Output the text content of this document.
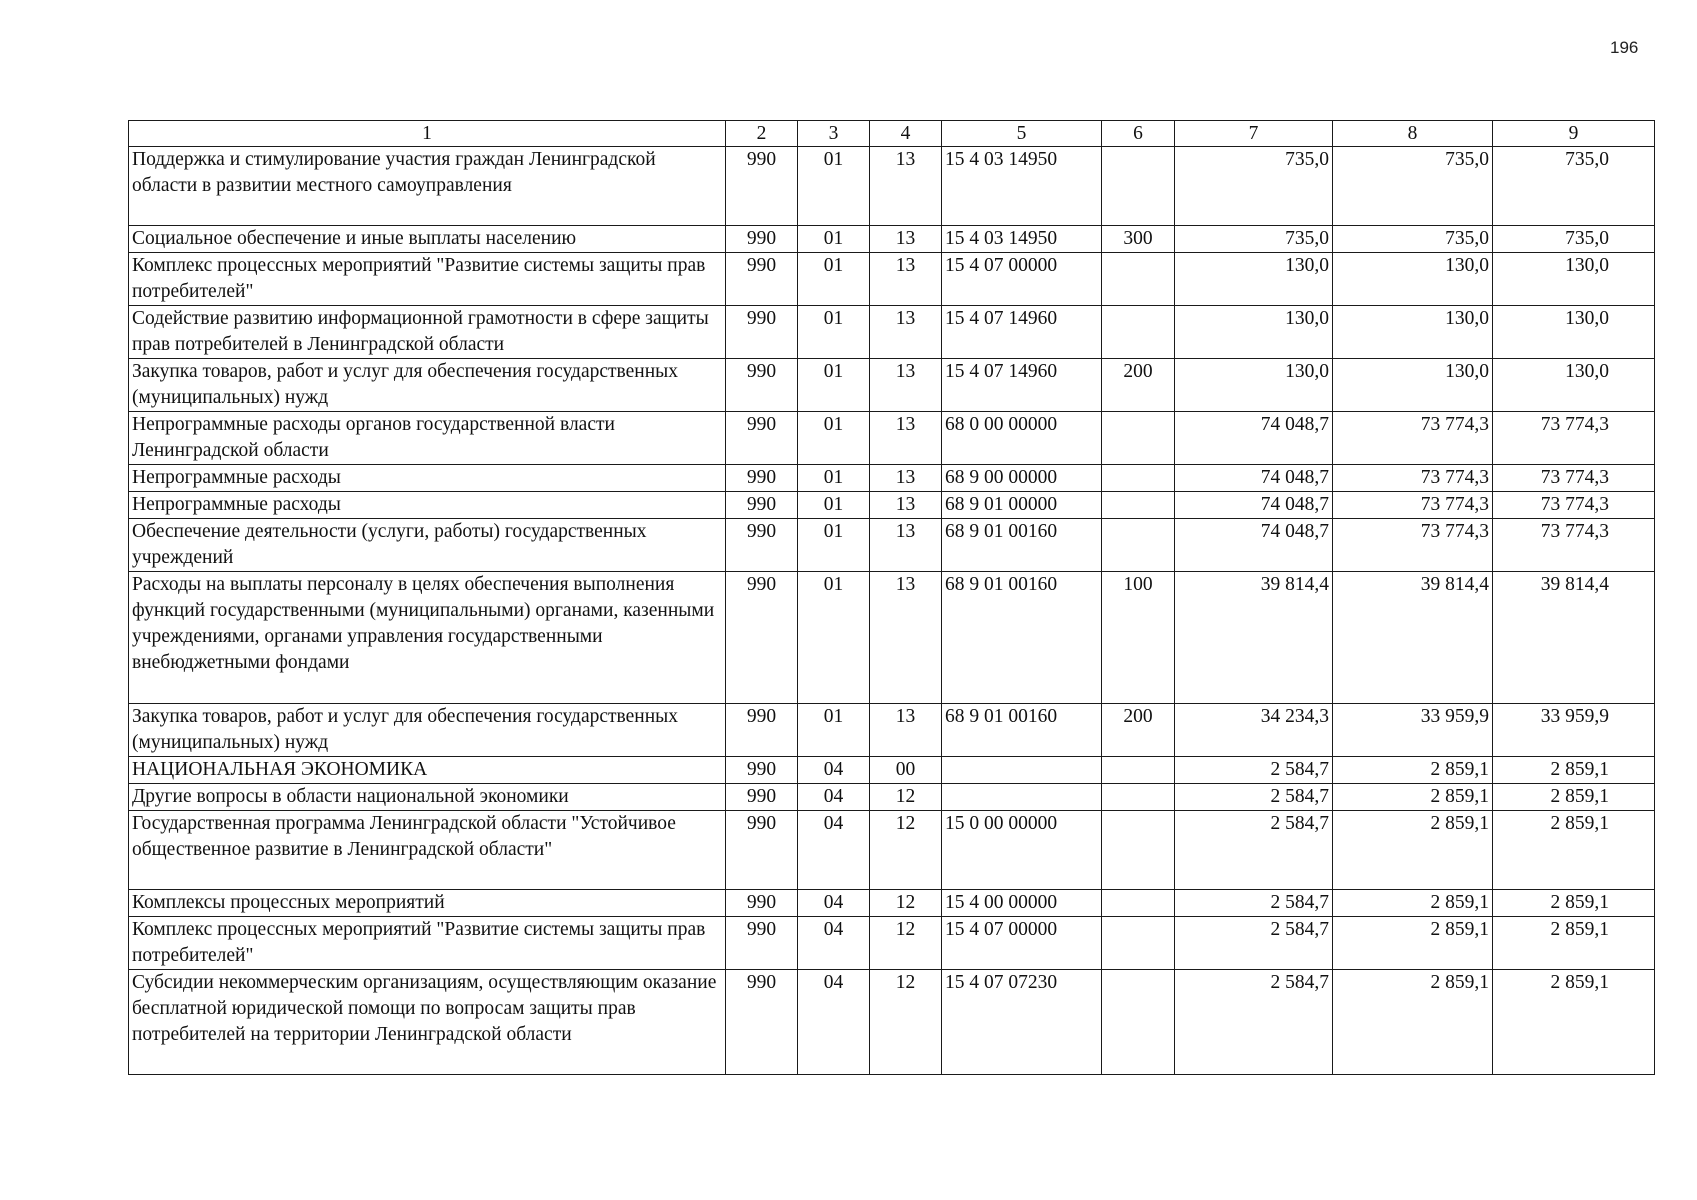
196
1	2	3	4	5	6	7	8	9
Поддержка и стимулирование участия граждан Ленинградской области в развитии местного самоуправления	990	01	13	15 4 03 14950		735,0	735,0	735,0
Социальное обеспечение и иные выплаты населению	990	01	13	15 4 03 14950	300	735,0	735,0	735,0
Комплекс процессных мероприятий "Развитие системы защиты прав потребителей"	990	01	13	15 4 07 00000		130,0	130,0	130,0
Содействие развитию информационной грамотности в сфере защиты прав потребителей в Ленинградской области	990	01	13	15 4 07 14960		130,0	130,0	130,0
Закупка товаров, работ и услуг для обеспечения государственных (муниципальных) нужд	990	01	13	15 4 07 14960	200	130,0	130,0	130,0
Непрограммные расходы органов государственной власти Ленинградской области	990	01	13	68 0 00 00000		74 048,7	73 774,3	73 774,3
Непрограммные расходы	990	01	13	68 9 00 00000		74 048,7	73 774,3	73 774,3
Непрограммные расходы	990	01	13	68 9 01 00000		74 048,7	73 774,3	73 774,3
Обеспечение деятельности (услуги, работы) государственных учреждений	990	01	13	68 9 01 00160		74 048,7	73 774,3	73 774,3
Расходы на выплаты персоналу в целях обеспечения выполнения функций государственными (муниципальными) органами, казенными учреждениями, органами управления государственными внебюджетными фондами	990	01	13	68 9 01 00160	100	39 814,4	39 814,4	39 814,4
Закупка товаров, работ и услуг для обеспечения государственных (муниципальных) нужд	990	01	13	68 9 01 00160	200	34 234,3	33 959,9	33 959,9
НАЦИОНАЛЬНАЯ ЭКОНОМИКА	990	04	00			2 584,7	2 859,1	2 859,1
Другие вопросы в области национальной экономики	990	04	12			2 584,7	2 859,1	2 859,1
Государственная программа Ленинградской области "Устойчивое общественное развитие в Ленинградской области"	990	04	12	15 0 00 00000		2 584,7	2 859,1	2 859,1
Комплексы процессных мероприятий	990	04	12	15 4 00 00000		2 584,7	2 859,1	2 859,1
Комплекс процессных мероприятий "Развитие системы защиты прав потребителей"	990	04	12	15 4 07 00000		2 584,7	2 859,1	2 859,1
Субсидии некоммерческим организациям, осуществляющим оказание бесплатной юридической помощи по вопросам защиты прав потребителей на территории Ленинградской области	990	04	12	15 4 07 07230		2 584,7	2 859,1	2 859,1
